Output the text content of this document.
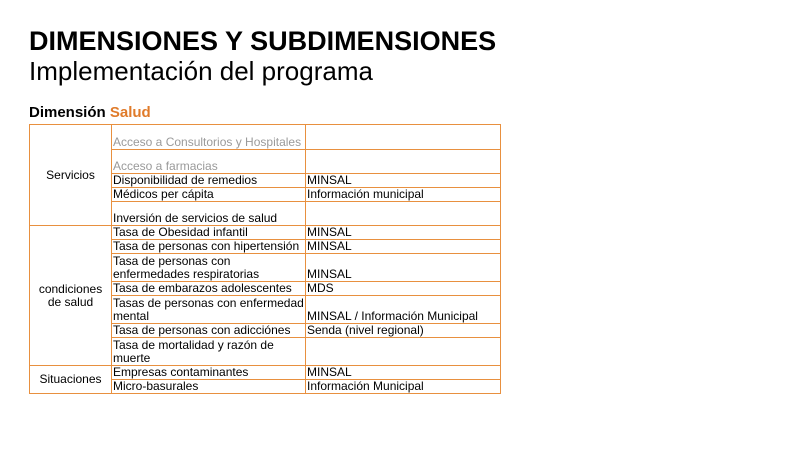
DIMENSIONES Y SUBDIMENSIONES
Implementación del programa
Dimensión Salud
Servicios	Acceso a Consultorios y Hospitales	
	Acceso a farmacias	
	Disponibilidad de remedios	MINSAL
	Médicos per cápita	Información municipal
	Inversión de servicios de salud	
condiciones de salud	Tasa de Obesidad infantil	MINSAL
	Tasa de personas con hipertensión	MINSAL
	Tasa de personas con enfermedades respiratorias	MINSAL
	Tasa de embarazos adolescentes	MDS
	Tasas de personas con enfermedad mental	MINSAL / Información Municipal
	Tasa de personas con adicciónes	Senda (nivel regional)
	Tasa de mortalidad y razón de muerte	
Situaciones	Empresas contaminantes	MINSAL
	Micro-basurales	Información Municipal
